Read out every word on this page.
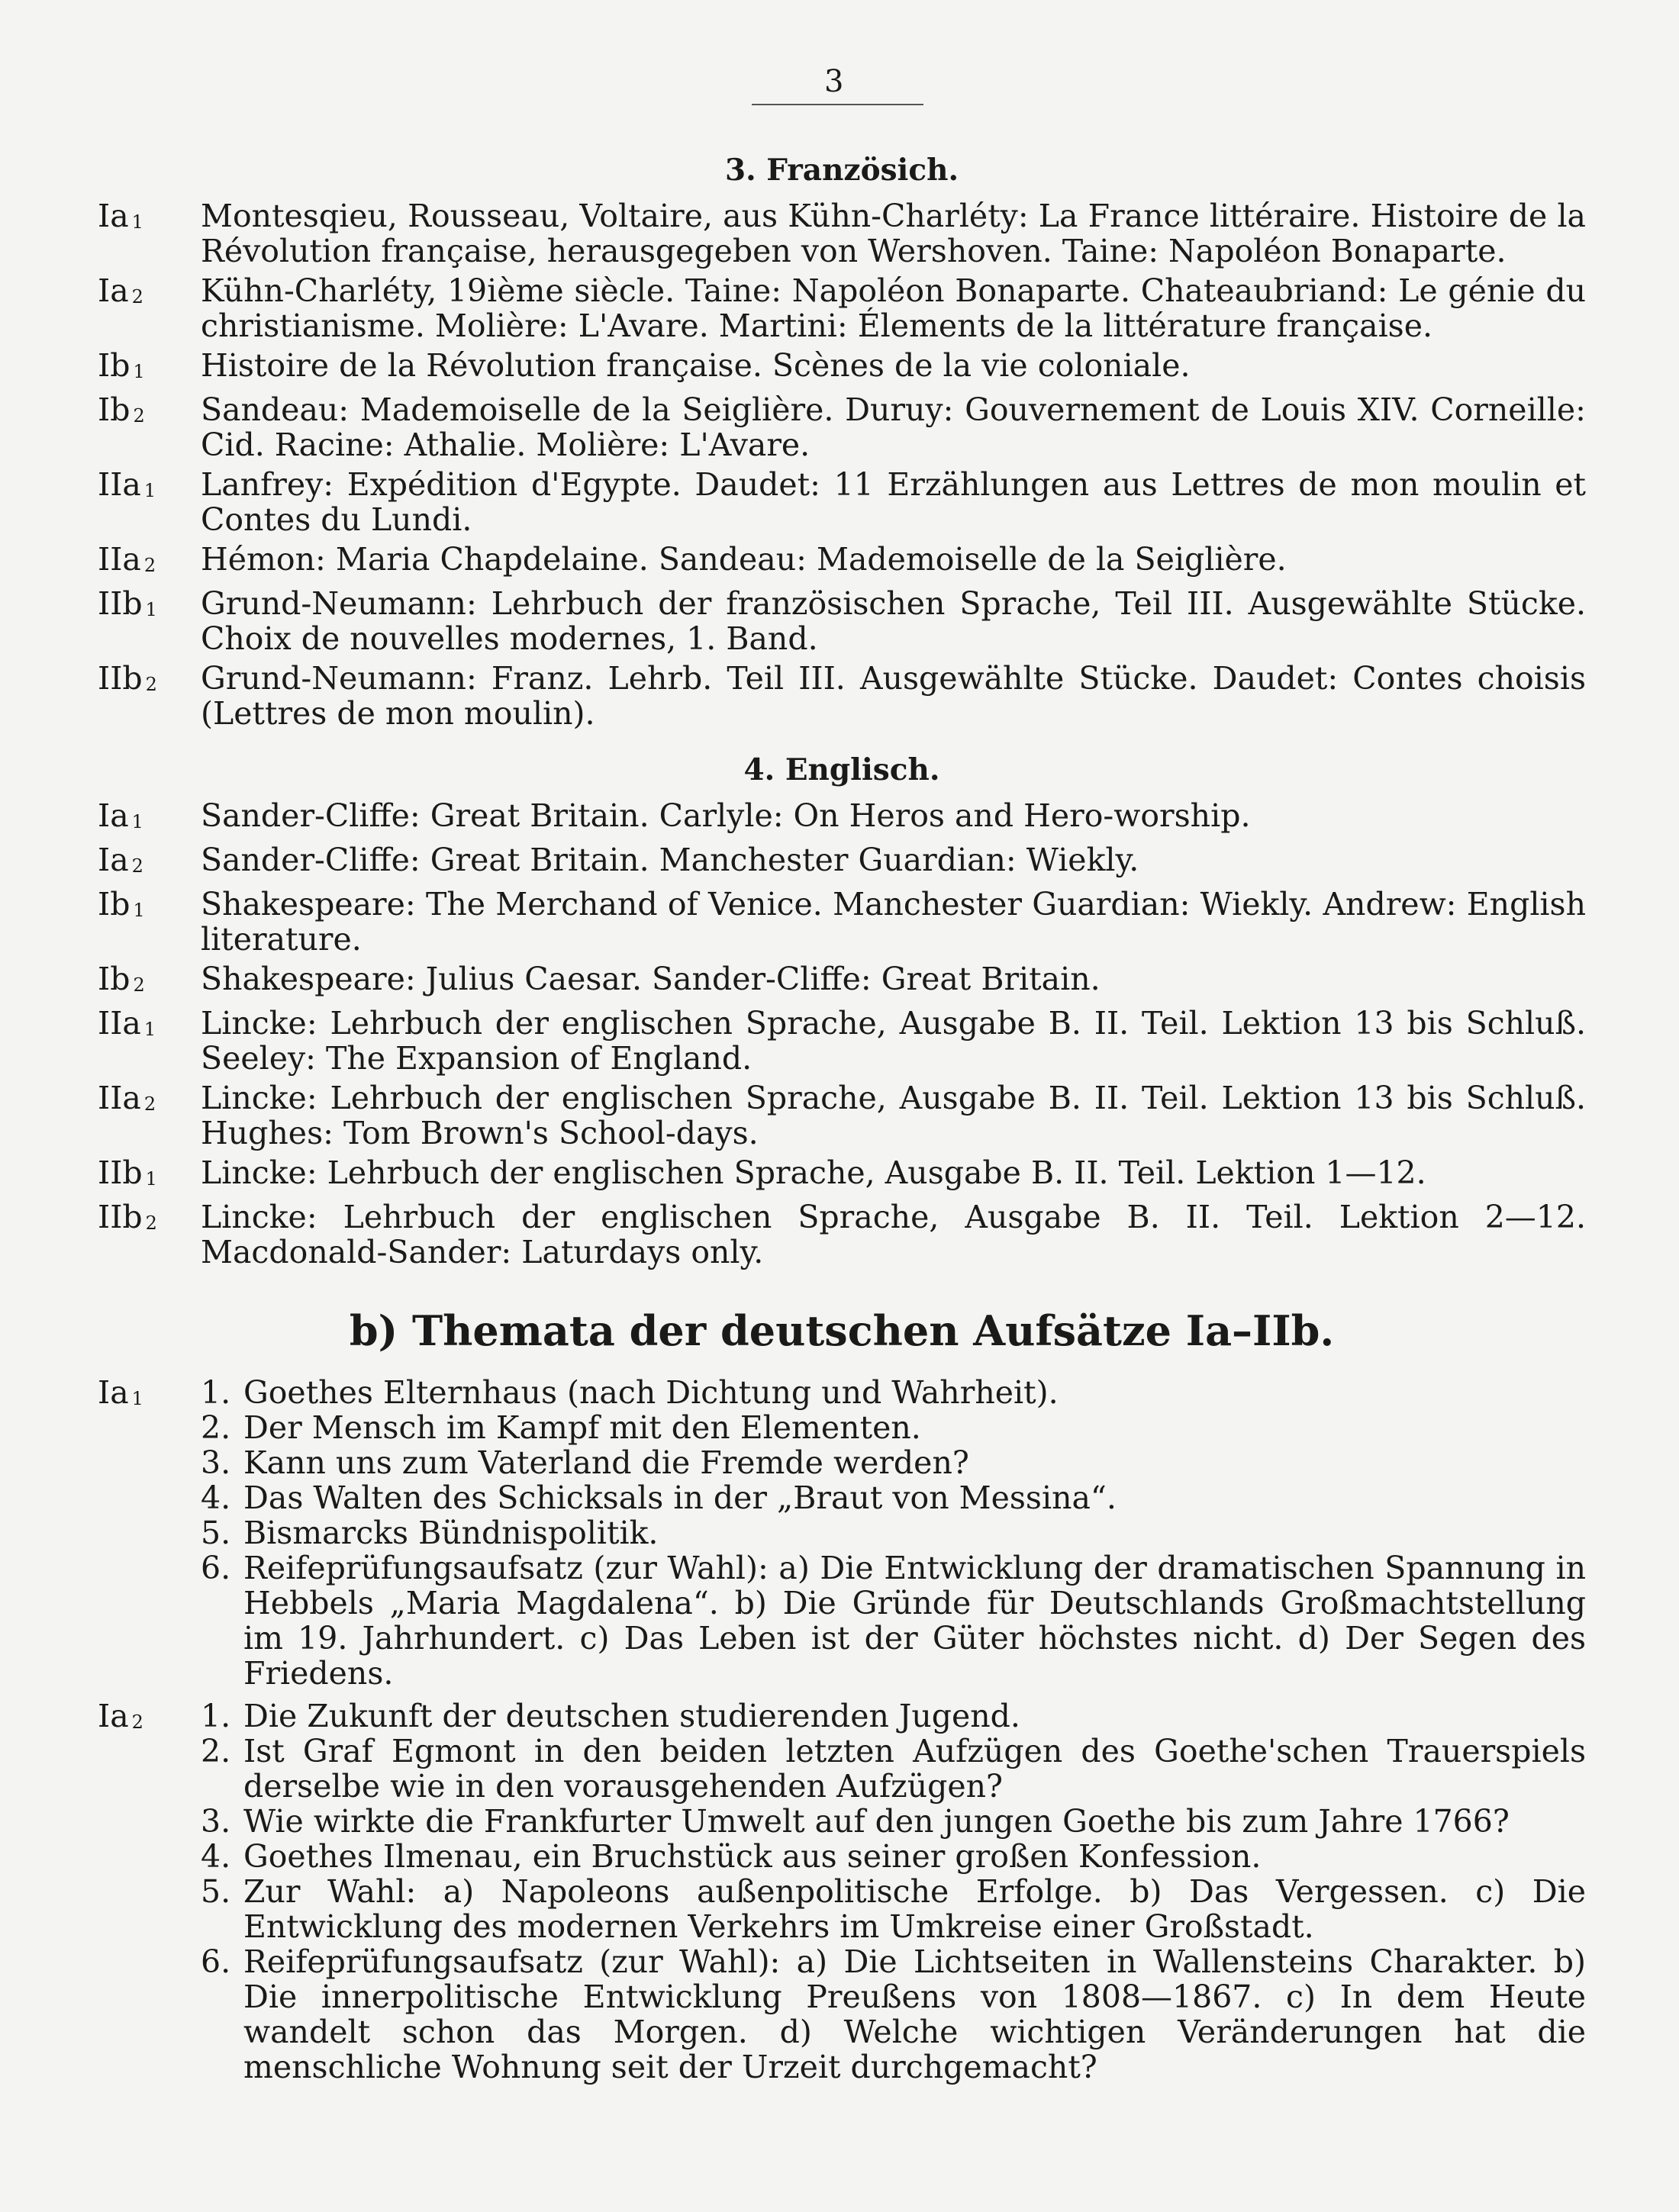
3
3. Französich.
Ia $_1$	Montesqieu, Rousseau, Voltaire, aus Kühn-Charléty: La France littéraire. Histoire de la Révolution française, herausgegeben von Wershoven. Taine: Napoléon Bonaparte.
Ia $_2$	Kühn-Charléty, 19ième siècle. Taine: Napoléon Bonaparte. Chateaubriand: Le génie du christianisme. Molière: L'Avare. Martini: Élements de la littérature française.
Ib $_1$	Histoire de la Révolution française. Scènes de la vie coloniale.
Ib $_2$	Sandeau: Mademoiselle de la Seiglière. Duruy: Gouvernement de Louis XIV. Corneille: Cid. Racine: Athalie. Molière: L'Avare.
IIa $_1$	Lanfrey: Expédition d'Egypte. Daudet: 11 Erzählungen aus Lettres de mon moulin et Contes du Lundi.
IIa $_2$	Hémon: Maria Chapdelaine. Sandeau: Mademoiselle de la Seiglière.
IIb $_1$	Grund-Neumann: Lehrbuch der französischen Sprache, Teil III. Ausgewählte Stücke. Choix de nouvelles modernes, 1. Band.
IIb $_2$	Grund-Neumann: Franz. Lehrb. Teil III. Ausgewählte Stücke. Daudet: Contes choisis (Lettres de mon moulin).
4. Englisch.
Ia $_1$	Sander-Cliffe: Great Britain. Carlyle: On Heros and Hero-worship.
Ia $_2$	Sander-Cliffe: Great Britain. Manchester Guardian: Wiekly.
Ib $_1$	Shakespeare: The Merchand of Venice. Manchester Guardian: Wiekly. Andrew: English literature.
Ib $_2$	Shakespeare: Julius Caesar. Sander-Cliffe: Great Britain.
IIa $_1$	Lincke: Lehrbuch der englischen Sprache, Ausgabe B. II. Teil. Lektion 13 bis Schluß. Seeley: The Expansion of England.
IIa $_2$	Lincke: Lehrbuch der englischen Sprache, Ausgabe B. II. Teil. Lektion 13 bis Schluß. Hughes: Tom Brown's School-days.
IIb $_1$	Lincke: Lehrbuch der englischen Sprache, Ausgabe B. II. Teil. Lektion 1—12.
IIb $_2$	Lincke: Lehrbuch der englischen Sprache, Ausgabe B. II. Teil. Lektion 2—12. Macdonald-Sander: Laturdays only.
b) Themata der deutschen Aufsätze Ia–IIb.
Ia $_1$	1. Goethes Elternhaus (nach Dichtung und Wahrheit).
2. Der Mensch im Kampf mit den Elementen.
3. Kann uns zum Vaterland die Fremde werden?
4. Das Walten des Schicksals in der „Braut von Messina“.
5. Bismarcks Bündnispolitik.
6. Reifeprüfungsaufsatz (zur Wahl): a) Die Entwicklung der dramatischen Spannung in Hebbels „Maria Magdalena“. b) Die Gründe für Deutschlands Großmachtstellung im 19. Jahrhundert. c) Das Leben ist der Güter höchstes nicht. d) Der Segen des Friedens.
Ia $_2$	1. Die Zukunft der deutschen studierenden Jugend.
2. Ist Graf Egmont in den beiden letzten Aufzügen des Goethe'schen Trauerspiels derselbe wie in den vorausgehenden Aufzügen?
3. Wie wirkte die Frankfurter Umwelt auf den jungen Goethe bis zum Jahre 1766?
4. Goethes Ilmenau, ein Bruchstück aus seiner großen Konfession.
5. Zur Wahl: a) Napoleons außenpolitische Erfolge. b) Das Vergessen. c) Die Entwicklung des modernen Verkehrs im Umkreise einer Großstadt.
6. Reifeprüfungsaufsatz (zur Wahl): a) Die Lichtseiten in Wallensteins Charakter. b) Die innerpolitische Entwicklung Preußens von 1808—1867. c) In dem Heute wandelt schon das Morgen. d) Welche wichtigen Veränderungen hat die menschliche Wohnung seit der Urzeit durchgemacht?
